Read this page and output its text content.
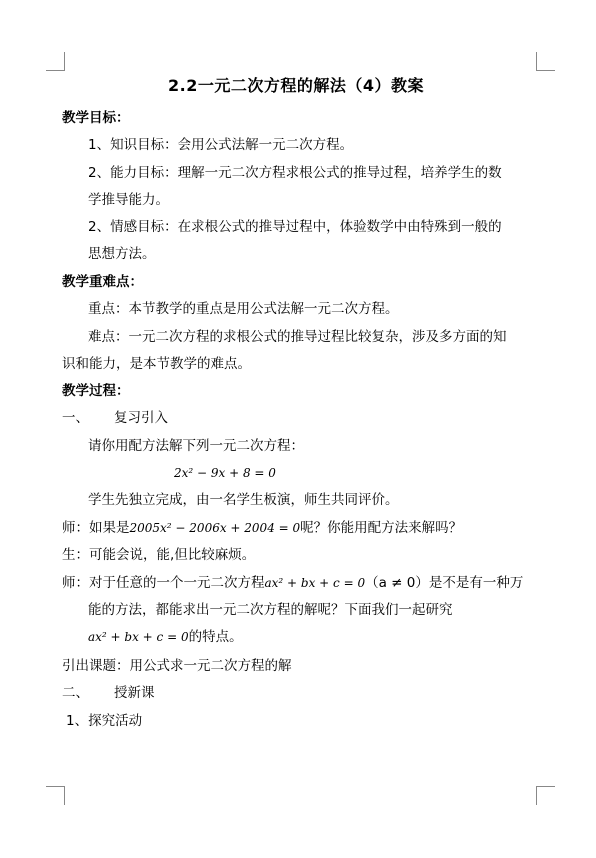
2.2一元二次方程的解法（4）教案
教学目标：
1、知识目标：会用公式法解一元二次方程。
2、能力目标：理解一元二次方程求根公式的推导过程，培养学生的数
学推导能力。
2、情感目标：在求根公式的推导过程中，体验数学中由特殊到一般的
思想方法。
教学重难点：
重点：本节教学的重点是用公式法解一元二次方程。
难点：一元二次方程的求根公式的推导过程比较复杂，涉及多方面的知
识和能力，是本节教学的难点。
教学过程：
一、 复习引入
请你用配方法解下列一元二次方程：
2x² − 9x + 8 = 0
学生先独立完成，由一名学生板演，师生共同评价。
师：如果是2005x² − 2006x + 2004 = 0呢？你能用配方法来解吗？
生：可能会说，能,但比较麻烦。
师：对于任意的一个一元二次方程ax² + bx + c = 0（a ≠ 0）是不是有一种万
能的方法，都能求出一元二次方程的解呢？下面我们一起研究
ax² + bx + c = 0的特点。
引出课题：用公式求一元二次方程的解
二、 授新课
1、探究活动
